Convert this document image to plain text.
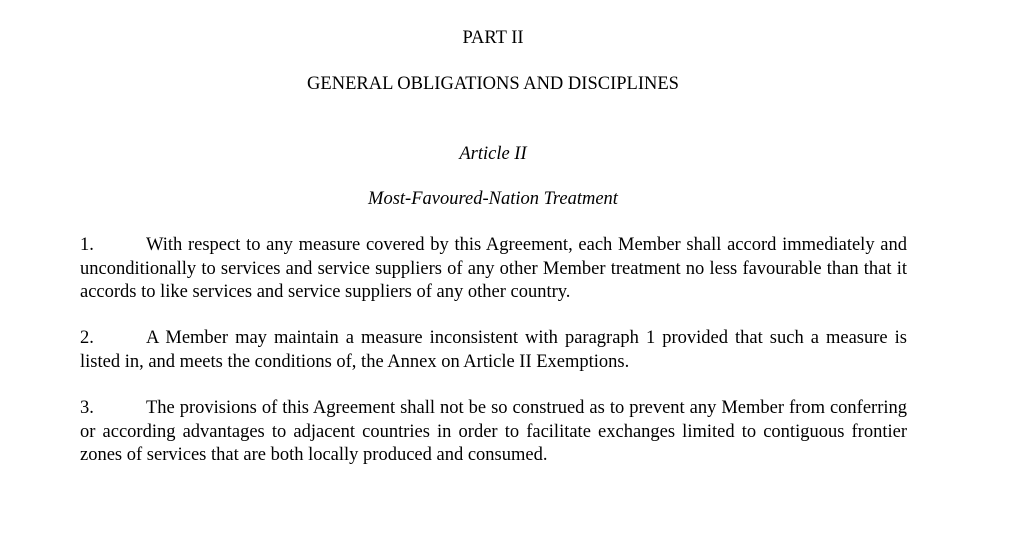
PART II
GENERAL OBLIGATIONS AND DISCIPLINES
Article II
Most-Favoured-Nation Treatment
1.	With respect to any measure covered by this Agreement, each Member shall accord immediately and unconditionally to services and service suppliers of any other Member treatment no less favourable than that it accords to like services and service suppliers of any other country.
2.	A Member may maintain a measure inconsistent with paragraph 1 provided that such a measure is listed in, and meets the conditions of, the Annex on Article II Exemptions.
3.	The provisions of this Agreement shall not be so construed as to prevent any Member from conferring or according advantages to adjacent countries in order to facilitate exchanges limited to contiguous frontier zones of services that are both locally produced and consumed.
